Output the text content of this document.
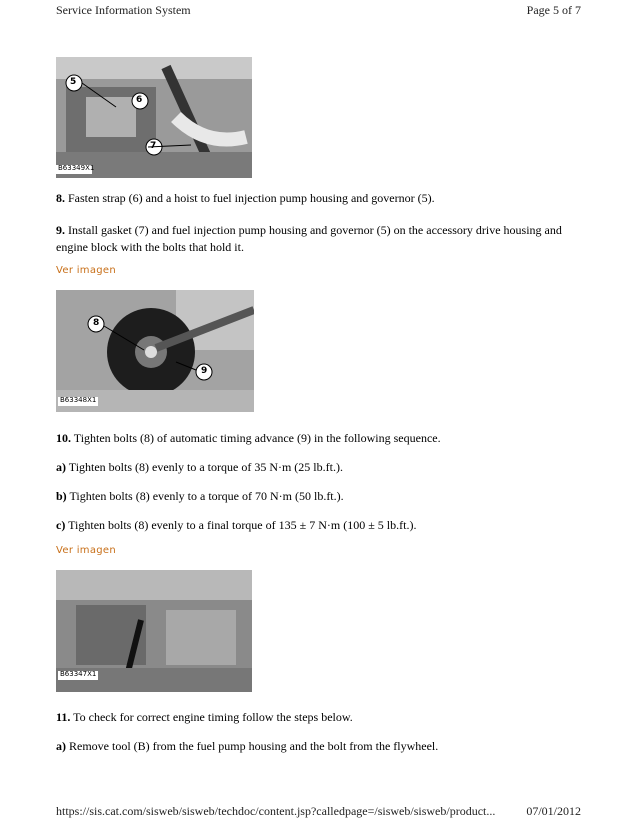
Service Information System	Page 5 of 7
5
6
7
B63349X1
8. Fasten strap (6) and a hoist to fuel injection pump housing and governor (5).
9. Install gasket (7) and fuel injection pump housing and governor (5) on the accessory drive housing and engine block with the bolts that hold it.
Ver imagen
8
9
B63348X1
10. Tighten bolts (8) of automatic timing advance (9) in the following sequence.
a) Tighten bolts (8) evenly to a torque of 35 N·m (25 lb.ft.).
b) Tighten bolts (8) evenly to a torque of 70 N·m (50 lb.ft.).
c) Tighten bolts (8) evenly to a final torque of 135 ± 7 N·m (100 ± 5 lb.ft.).
Ver imagen
B63347X1
11. To check for correct engine timing follow the steps below.
a) Remove tool (B) from the fuel pump housing and the bolt from the flywheel.
https://sis.cat.com/sisweb/sisweb/techdoc/content.jsp?calledpage=/sisweb/sisweb/product...	07/01/2012
